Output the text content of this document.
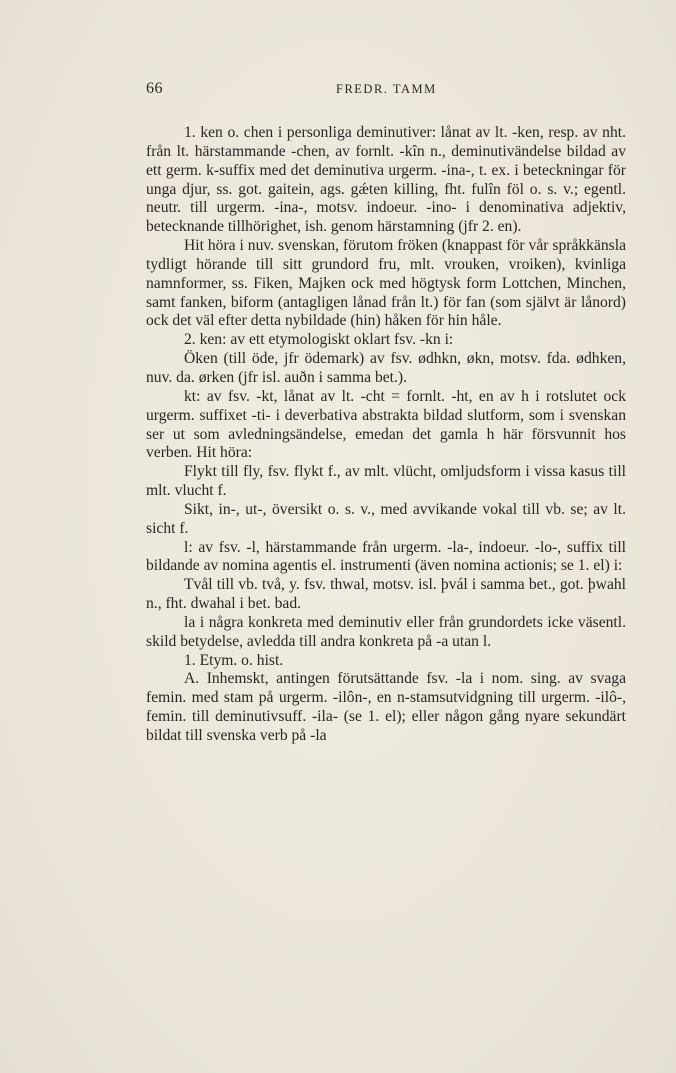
66	FREDR. TAMM

1. ken o. chen i personliga deminutiver: lånat av lt. -ken, resp. av nht. från lt. härstammande -chen, av fornlt. -kîn n., deminutivändelse bildad av ett germ. k-suffix med det deminutiva urgerm. -ina-, t. ex. i beteckningar för unga djur, ss. got. gaitein, ags. gǽten killing, fht. fulîn föl o. s. v.; egentl. neutr. till urgerm. -ina-, motsv. indoeur. -ino- i denominativa adjektiv, betecknande tillhörighet, ish. genom härstamning (jfr 2. en).

Hit höra i nuv. svenskan, förutom fröken (knappast för vår språkkänsla tydligt hörande till sitt grundord fru, mlt. vrouken, vroiken), kvinliga namnformer, ss. Fiken, Majken ock med högtysk form Lottchen, Minchen, samt fanken, biform (antagligen lånad från lt.) för fan (som självt är lånord) ock det väl efter detta nybildade (hin) håken för hin håle.

2. ken: av ett etymologiskt oklart fsv. -kn i:

Öken (till öde, jfr ödemark) av fsv. ødhkn, økn, motsv. fda. ødhken, nuv. da. ørken (jfr isl. auðn i samma bet.).

kt: av fsv. -kt, lånat av lt. -cht = fornlt. -ht, en av h i rotslutet ock urgerm. suffixet -ti- i deverbativa abstrakta bildad slutform, som i svenskan ser ut som avledningsändelse, emedan det gamla h här försvunnit hos verben. Hit höra:

Flykt till fly, fsv. flykt f., av mlt. vlücht, omljudsform i vissa kasus till mlt. vlucht f.

Sikt, in-, ut-, översikt o. s. v., med avvikande vokal till vb. se; av lt. sicht f.

l: av fsv. -l, härstammande från urgerm. -la-, indoeur. -lo-, suffix till bildande av nomina agentis el. instrumenti (även nomina actionis; se 1. el) i:

Tvål till vb. två, y. fsv. thwal, motsv. isl. þvál i samma bet., got. þwahl n., fht. dwahal i bet. bad.

la i några konkreta med deminutiv eller från grundordets icke väsentl. skild betydelse, avledda till andra konkreta på -a utan l.

1. Etym. o. hist.

A. Inhemskt, antingen förutsättande fsv. -la i nom. sing. av svaga femin. med stam på urgerm. -ilôn-, en n-stamsutvidgning till urgerm. -ilô-, femin. till deminutivsuff. -ila- (se 1. el); eller någon gång nyare sekundärt bildat till svenska verb på -la
